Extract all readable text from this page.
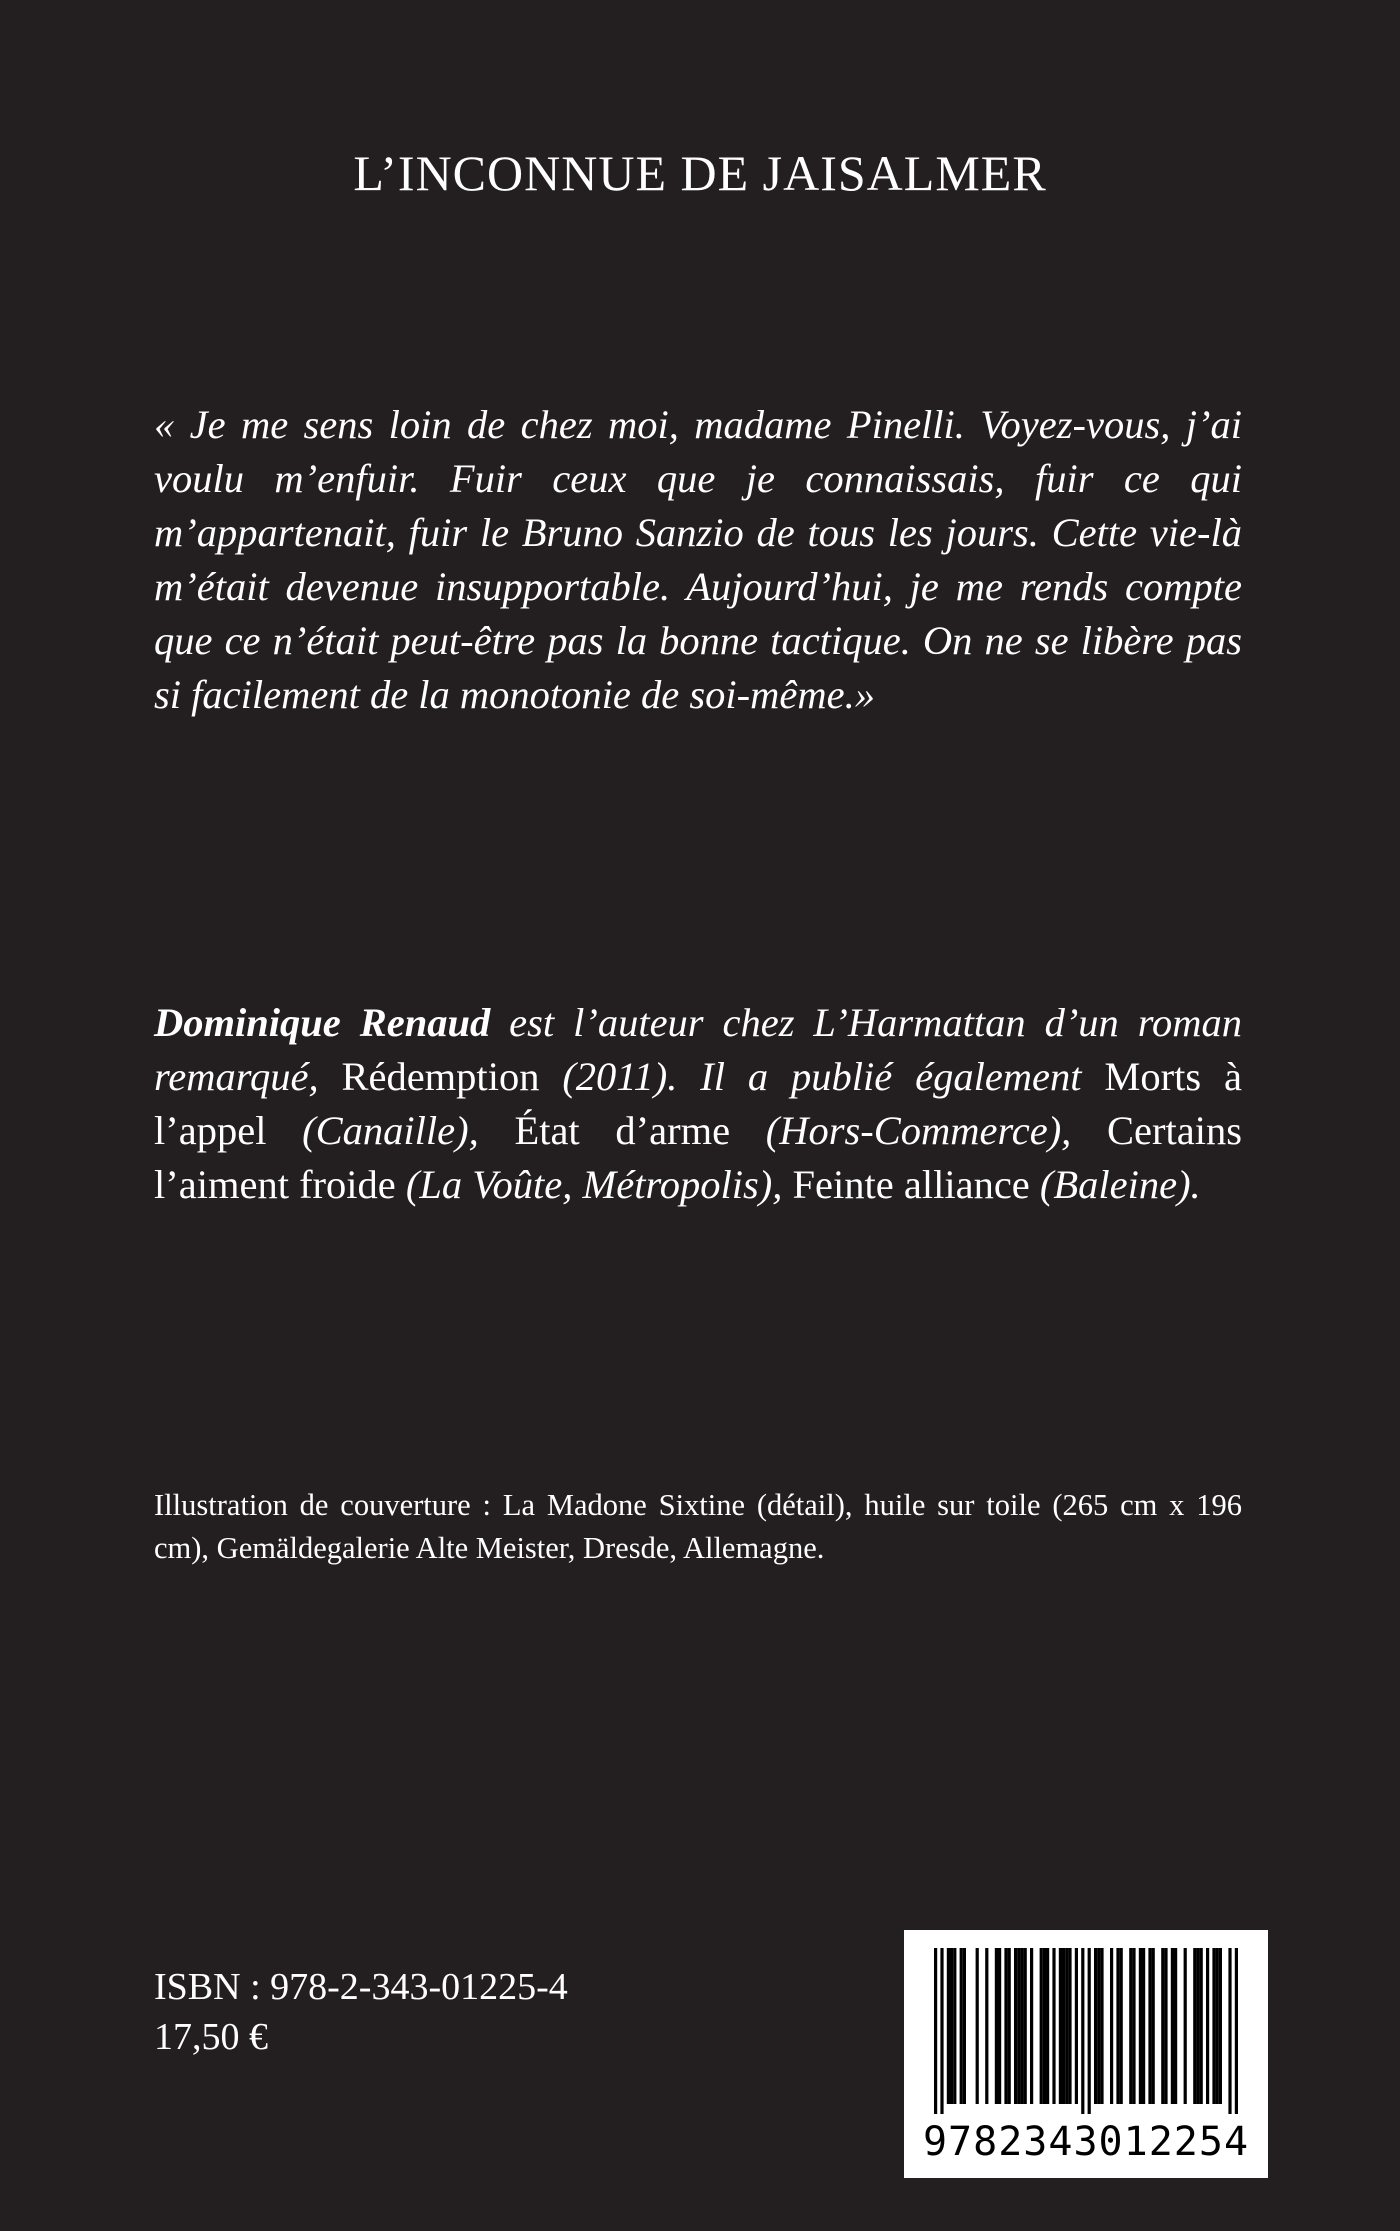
L’INCONNUE DE JAISALMER
« Je me sens loin de chez moi, madame Pinelli. Voyez-vous, j’ai voulu m’enfuir. Fuir ceux que je connaissais, fuir ce qui m’appartenait, fuir le Bruno Sanzio de tous les jours. Cette vie-là m’était devenue insupportable. Aujourd’hui, je me rends compte que ce n’était peut-être pas la bonne tactique. On ne se libère pas si facilement de la monotonie de soi-même.»
Dominique Renaud est l’auteur chez L’Harmattan d’un roman remarqué, Rédemption (2011). Il a publié également Morts à l’appel (Canaille), État d’arme (Hors-Commerce), Certains l’aiment froide (La Voûte, Métropolis), Feinte alliance (Baleine).
Illustration de couverture : La Madone Sixtine (détail), huile sur toile (265 cm x 196 cm), Gemäldegalerie Alte Meister, Dresde, Allemagne.
ISBN : 978-2-343-01225-4
17,50 €
9782343012254
